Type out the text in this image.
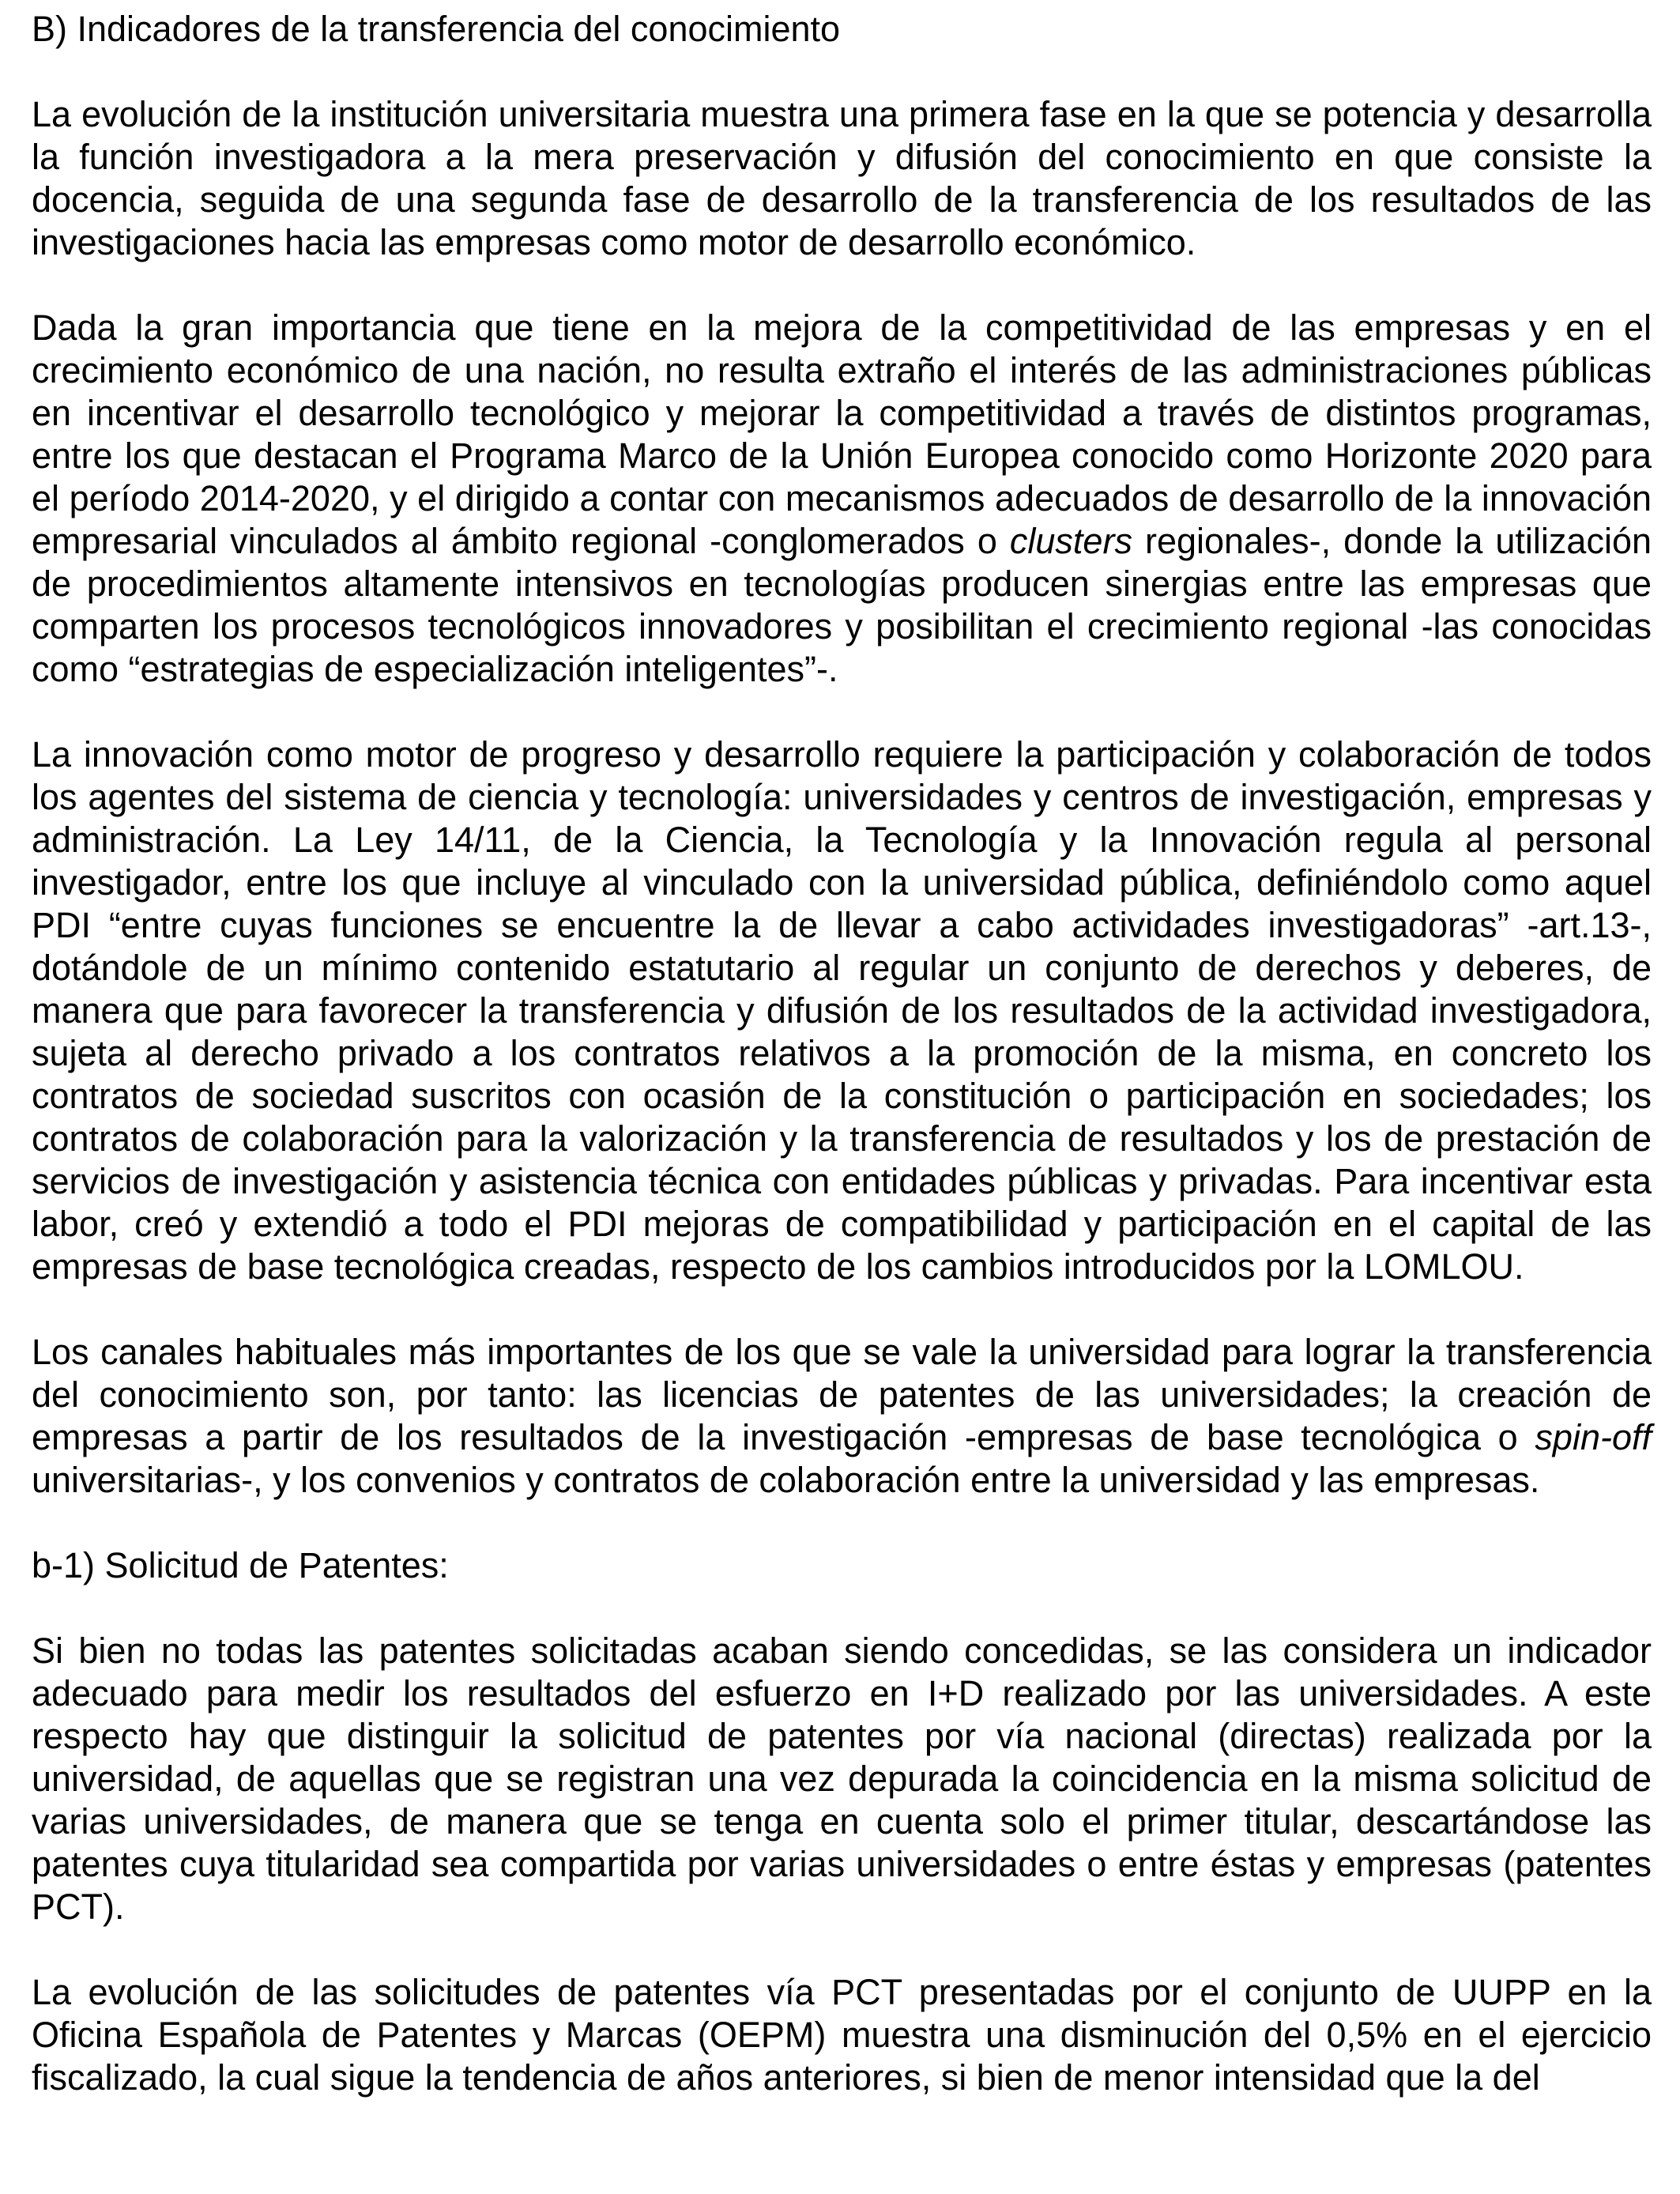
B) Indicadores de la transferencia del conocimiento

La evolución de la institución universitaria muestra una primera fase en la que se potencia y desarrolla la función investigadora a la mera preservación y difusión del conocimiento en que consiste la docencia, seguida de una segunda fase de desarrollo de la transferencia de los resultados de las investigaciones hacia las empresas como motor de desarrollo económico.

Dada la gran importancia que tiene en la mejora de la competitividad de las empresas y en el crecimiento económico de una nación, no resulta extraño el interés de las administraciones públicas en incentivar el desarrollo tecnológico y mejorar la competitividad a través de distintos programas, entre los que destacan el Programa Marco de la Unión Europea conocido como Horizonte 2020 para el período 2014-2020, y el dirigido a contar con mecanismos adecuados de desarrollo de la innovación empresarial vinculados al ámbito regional -conglomerados o clusters regionales-, donde la utilización de procedimientos altamente intensivos en tecnologías producen sinergias entre las empresas que comparten los procesos tecnológicos innovadores y posibilitan el crecimiento regional -las conocidas como “estrategias de especialización inteligentes”-.

La innovación como motor de progreso y desarrollo requiere la participación y colaboración de todos los agentes del sistema de ciencia y tecnología: universidades y centros de investigación, empresas y administración. La Ley 14/11, de la Ciencia, la Tecnología y la Innovación regula al personal investigador, entre los que incluye al vinculado con la universidad pública, definiéndolo como aquel PDI “entre cuyas funciones se encuentre la de llevar a cabo actividades investigadoras” -art.13-, dotándole de un mínimo contenido estatutario al regular un conjunto de derechos y deberes, de manera que para favorecer la transferencia y difusión de los resultados de la actividad investigadora, sujeta al derecho privado a los contratos relativos a la promoción de la misma, en concreto los contratos de sociedad suscritos con ocasión de la constitución o participación en sociedades; los contratos de colaboración para la valorización y la transferencia de resultados y los de prestación de servicios de investigación y asistencia técnica con entidades públicas y privadas. Para incentivar esta labor, creó y extendió a todo el PDI mejoras de compatibilidad y participación en el capital de las empresas de base tecnológica creadas, respecto de los cambios introducidos por la LOMLOU.

Los canales habituales más importantes de los que se vale la universidad para lograr la transferencia del conocimiento son, por tanto: las licencias de patentes de las universidades; la creación de empresas a partir de los resultados de la investigación -empresas de base tecnológica o spin-off universitarias-, y los convenios y contratos de colaboración entre la universidad y las empresas.

b-1) Solicitud de Patentes:

Si bien no todas las patentes solicitadas acaban siendo concedidas, se las considera un indicador adecuado para medir los resultados del esfuerzo en I+D realizado por las universidades. A este respecto hay que distinguir la solicitud de patentes por vía nacional (directas) realizada por la universidad, de aquellas que se registran una vez depurada la coincidencia en la misma solicitud de varias universidades, de manera que se tenga en cuenta solo el primer titular, descartándose las patentes cuya titularidad sea compartida por varias universidades o entre éstas y empresas (patentes PCT).

La evolución de las solicitudes de patentes vía PCT presentadas por el conjunto de UUPP en la Oficina Española de Patentes y Marcas (OEPM) muestra una disminución del 0,5% en el ejercicio fiscalizado, la cual sigue la tendencia de años anteriores, si bien de menor intensidad que la del
